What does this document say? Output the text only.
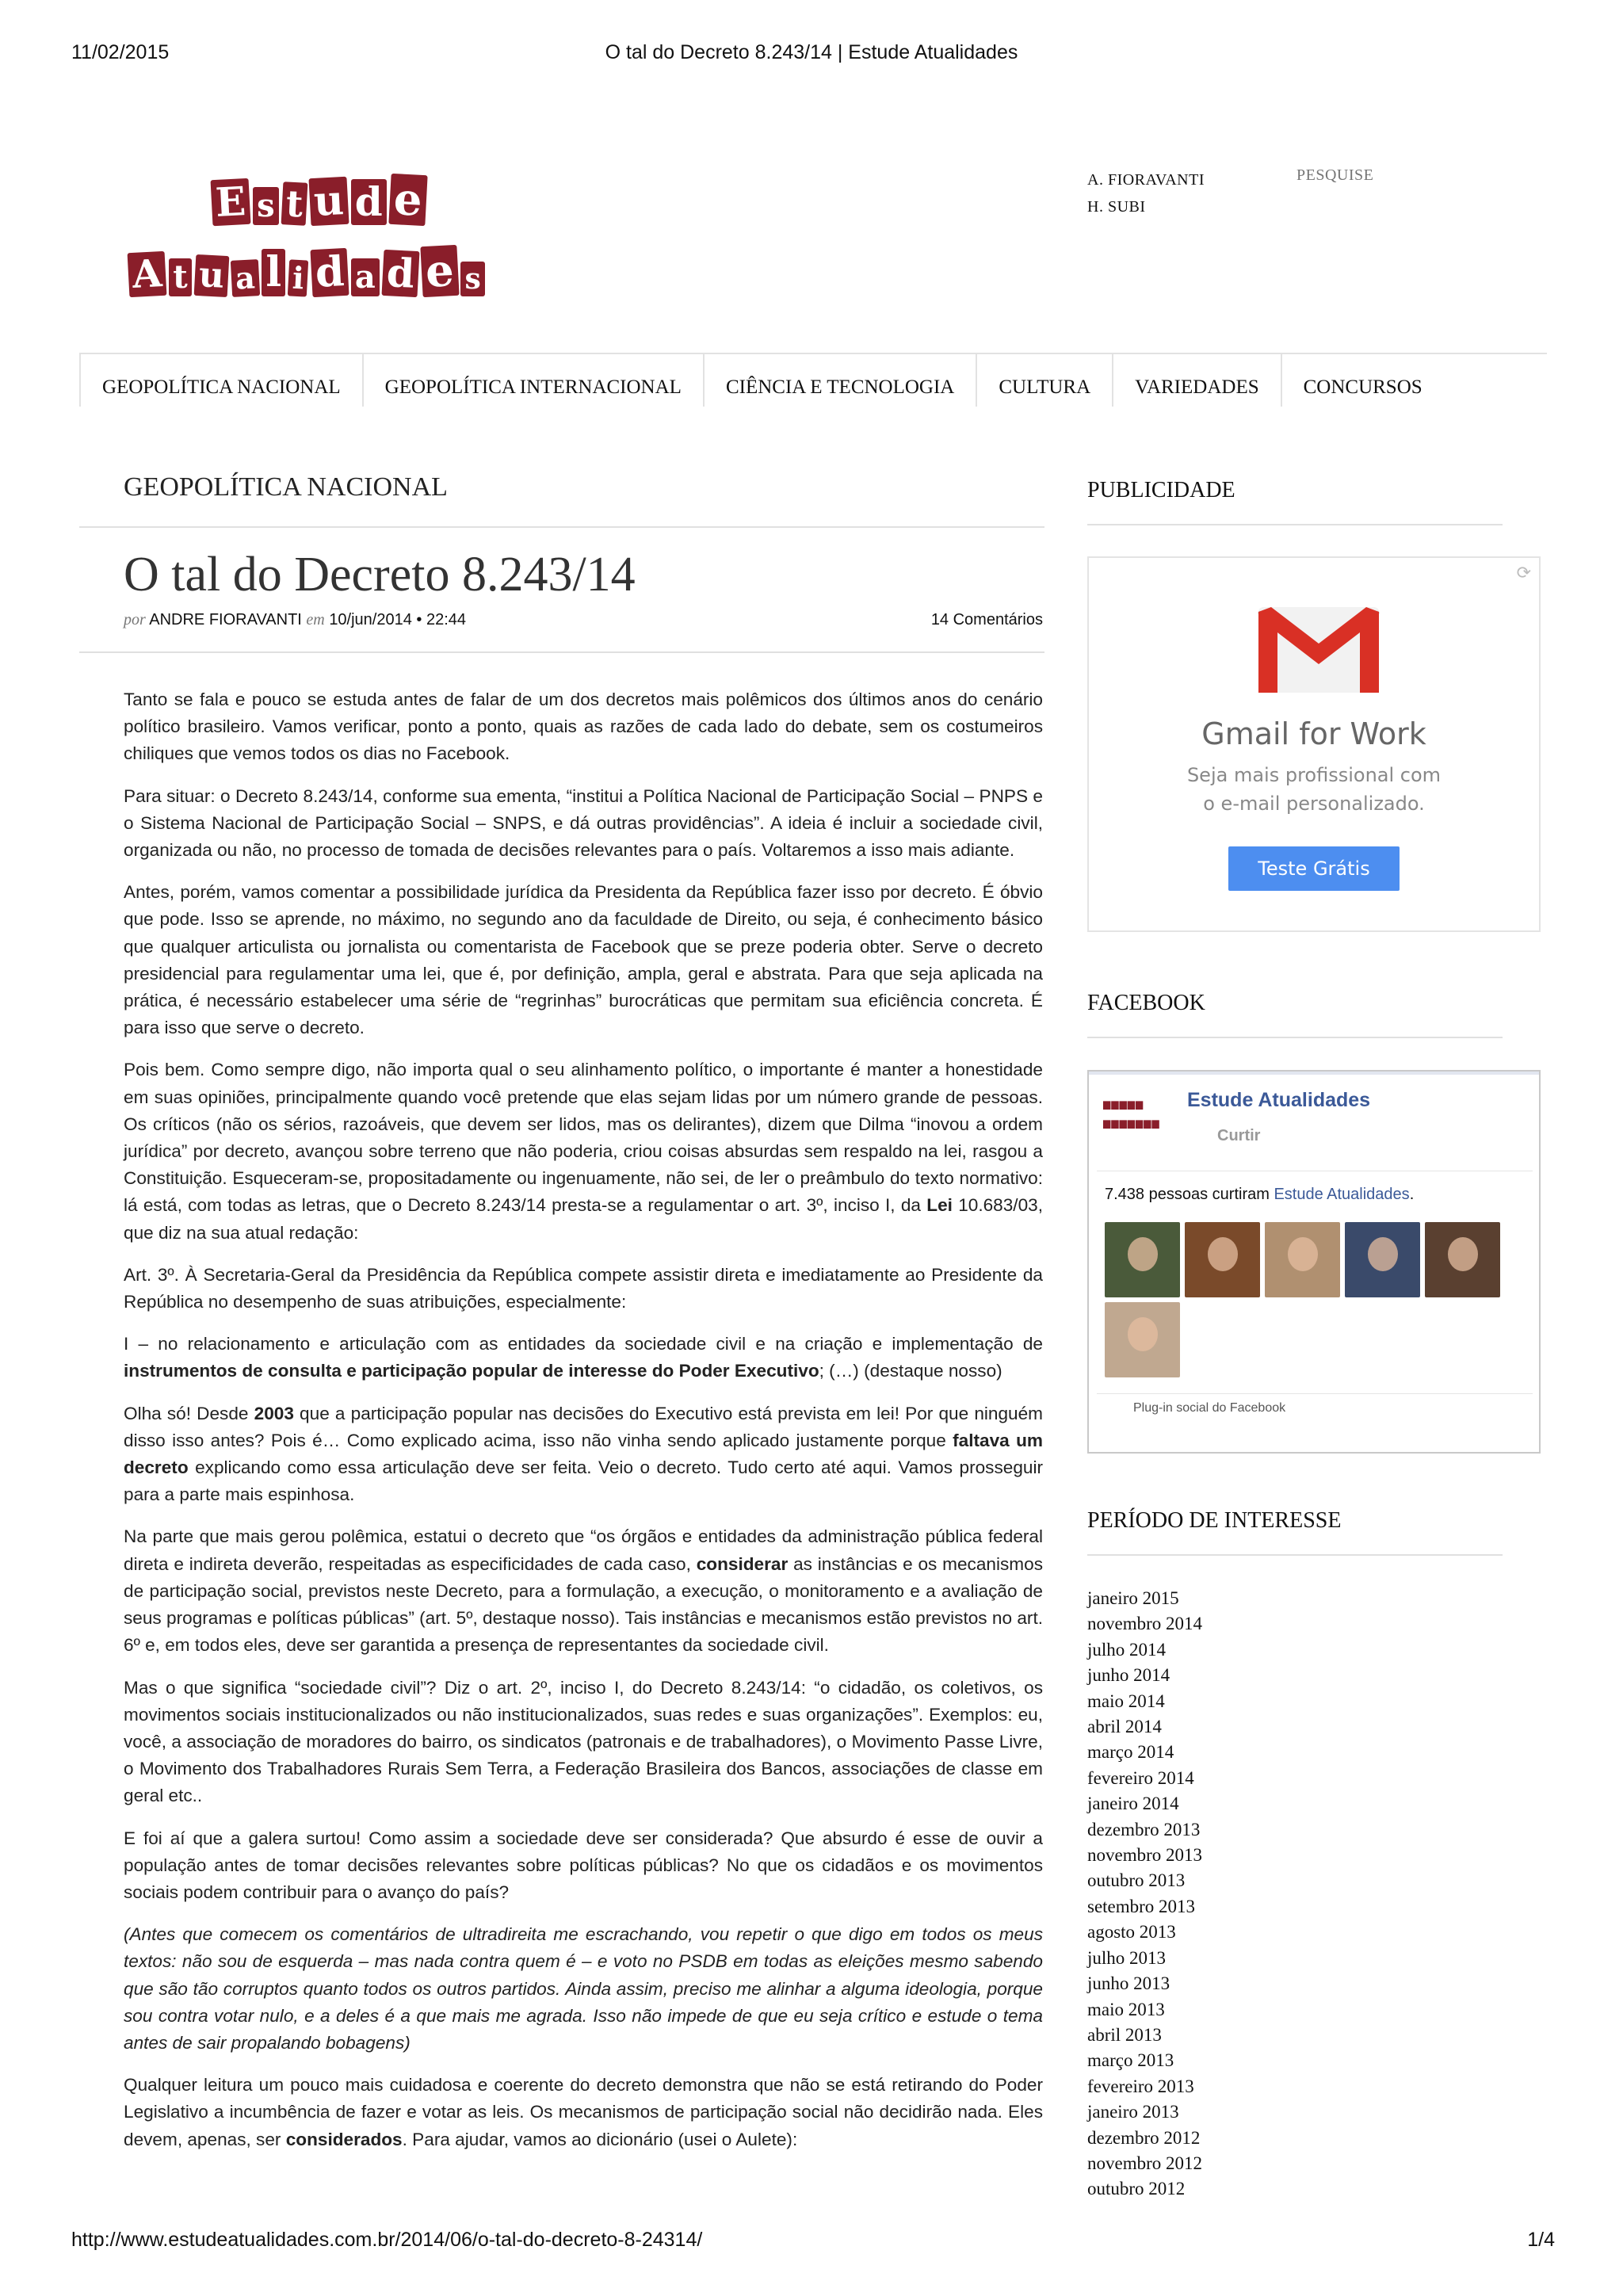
11/02/2015	O tal do Decreto 8.243/14 | Estude Atualidades
E s t u d e
A t u a l i d a d e s
A. FIORAVANTI
H. SUBI
PESQUISE
GEOPOLÍTICA NACIONAL	GEOPOLÍTICA INTERNACIONAL	CIÊNCIA E TECNOLOGIA	CULTURA	VARIEDADES	CONCURSOS
GEOPOLÍTICA NACIONAL
O tal do Decreto 8.243/14
por ANDRE FIORAVANTI em 10/jun/2014 • 22:44	14 Comentários

Tanto se fala e pouco se estuda antes de falar de um dos decretos mais polêmicos dos últimos anos do cenário político brasileiro. Vamos verificar, ponto a ponto, quais as razões de cada lado do debate, sem os costumeiros chiliques que vemos todos os dias no Facebook.

Para situar: o Decreto 8.243/14, conforme sua ementa, “institui a Política Nacional de Participação Social – PNPS e o Sistema Nacional de Participação Social – SNPS, e dá outras providências”. A ideia é incluir a sociedade civil, organizada ou não, no processo de tomada de decisões relevantes para o país. Voltaremos a isso mais adiante.

Antes, porém, vamos comentar a possibilidade jurídica da Presidenta da República fazer isso por decreto. É óbvio que pode. Isso se aprende, no máximo, no segundo ano da faculdade de Direito, ou seja, é conhecimento básico que qualquer articulista ou jornalista ou comentarista de Facebook que se preze poderia obter. Serve o decreto presidencial para regulamentar uma lei, que é, por definição, ampla, geral e abstrata. Para que seja aplicada na prática, é necessário estabelecer uma série de “regrinhas” burocráticas que permitam sua eficiência concreta. É para isso que serve o decreto.

Pois bem. Como sempre digo, não importa qual o seu alinhamento político, o importante é manter a honestidade em suas opiniões, principalmente quando você pretende que elas sejam lidas por um número grande de pessoas. Os críticos (não os sérios, razoáveis, que devem ser lidos, mas os delirantes), dizem que Dilma “inovou a ordem jurídica” por decreto, avançou sobre terreno que não poderia, criou coisas absurdas sem respaldo na lei, rasgou a Constituição. Esqueceram-se, propositadamente ou ingenuamente, não sei, de ler o preâmbulo do texto normativo: lá está, com todas as letras, que o Decreto 8.243/14 presta-se a regulamentar o art. 3º, inciso I, da Lei 10.683/03, que diz na sua atual redação:

Art. 3º. À Secretaria-Geral da Presidência da República compete assistir direta e imediatamente ao Presidente da República no desempenho de suas atribuições, especialmente:

I – no relacionamento e articulação com as entidades da sociedade civil e na criação e implementação de instrumentos de consulta e participação popular de interesse do Poder Executivo; (…) (destaque nosso)

Olha só! Desde 2003 que a participação popular nas decisões do Executivo está prevista em lei! Por que ninguém disso isso antes? Pois é… Como explicado acima, isso não vinha sendo aplicado justamente porque faltava um decreto explicando como essa articulação deve ser feita. Veio o decreto. Tudo certo até aqui. Vamos prosseguir para a parte mais espinhosa.

Na parte que mais gerou polêmica, estatui o decreto que “os órgãos e entidades da administração pública federal direta e indireta deverão, respeitadas as especificidades de cada caso, considerar as instâncias e os mecanismos de participação social, previstos neste Decreto, para a formulação, a execução, o monitoramento e a avaliação de seus programas e políticas públicas” (art. 5º, destaque nosso). Tais instâncias e mecanismos estão previstos no art. 6º e, em todos eles, deve ser garantida a presença de representantes da sociedade civil.

Mas o que significa “sociedade civil”? Diz o art. 2º, inciso I, do Decreto 8.243/14: “o cidadão, os coletivos, os movimentos sociais institucionalizados ou não institucionalizados, suas redes e suas organizações”. Exemplos: eu, você, a associação de moradores do bairro, os sindicatos (patronais e de trabalhadores), o Movimento Passe Livre, o Movimento dos Trabalhadores Rurais Sem Terra, a Federação Brasileira dos Bancos, associações de classe em geral etc..

E foi aí que a galera surtou! Como assim a sociedade deve ser considerada? Que absurdo é esse de ouvir a população antes de tomar decisões relevantes sobre políticas públicas? No que os cidadãos e os movimentos sociais podem contribuir para o avanço do país?

(Antes que comecem os comentários de ultradireita me escrachando, vou repetir o que digo em todos os meus textos: não sou de esquerda – mas nada contra quem é – e voto no PSDB em todas as eleições mesmo sabendo que são tão corruptos quanto todos os outros partidos. Ainda assim, preciso me alinhar a alguma ideologia, porque sou contra votar nulo, e a deles é a que mais me agrada. Isso não impede de que eu seja crítico e estude o tema antes de sair propalando bobagens)

Qualquer leitura um pouco mais cuidadosa e coerente do decreto demonstra que não se está retirando do Poder Legislativo a incumbência de fazer e votar as leis. Os mecanismos de participação social não decidirão nada. Eles devem, apenas, ser considerados. Para ajudar, vamos ao dicionário (usei o Aulete):

PUBLICIDADE
⟳
Gmail for Work
Seja mais profissional com
o e-mail personalizado.
Teste Grátis
FACEBOOK
▆▆▆▆▆
▆▆▆▆▆▆▆
Estude Atualidades
Curtir
7.438 pessoas curtiram Estude Atualidades.
Plug-in social do Facebook
PERÍODO DE INTERESSE
janeiro 2015
novembro 2014
julho 2014
junho 2014
maio 2014
abril 2014
março 2014
fevereiro 2014
janeiro 2014
dezembro 2013
novembro 2013
outubro 2013
setembro 2013
agosto 2013
julho 2013
junho 2013
maio 2013
abril 2013
março 2013
fevereiro 2013
janeiro 2013
dezembro 2012
novembro 2012
outubro 2012
http://www.estudeatualidades.com.br/2014/06/o-tal-do-decreto-8-24314/	1/4
